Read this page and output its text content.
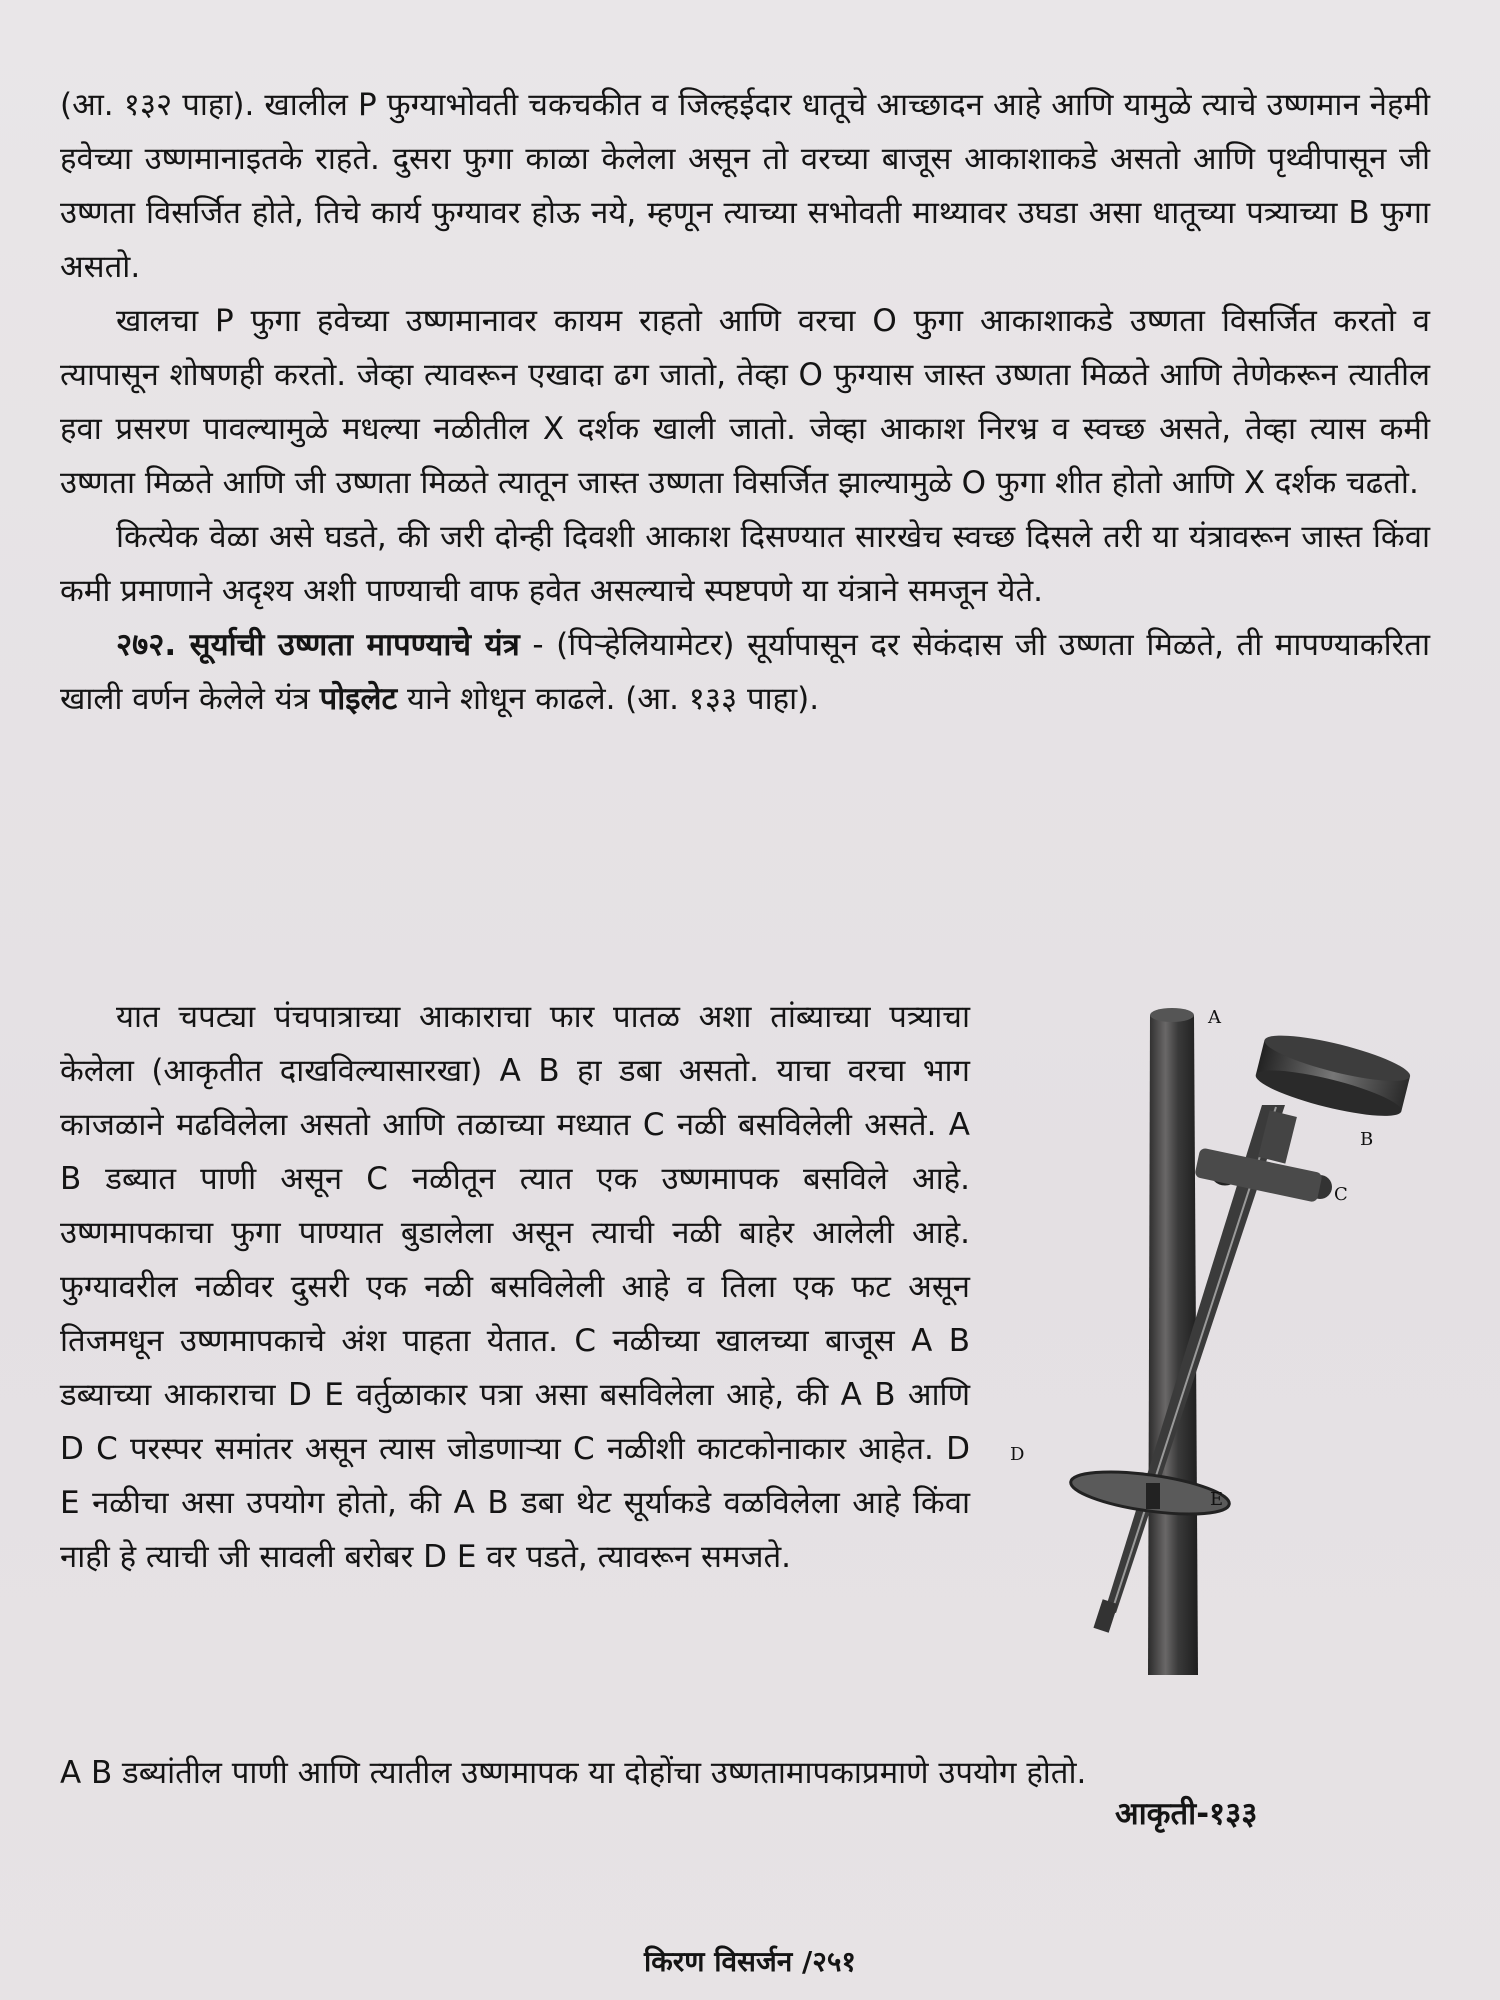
(आ. १३२ पाहा). खालील P फुग्याभोवती चकचकीत व जिल्हईदार धातूचे आच्छादन आहे आणि यामुळे त्याचे उष्णमान नेहमी हवेच्या उष्णमानाइतके राहते. दुसरा फुगा काळा केलेला असून तो वरच्या बाजूस आकाशाकडे असतो आणि पृथ्वीपासून जी उष्णता विसर्जित होते, तिचे कार्य फुग्यावर होऊ नये, म्हणून त्याच्या सभोवती माथ्यावर उघडा असा धातूच्या पत्र्याच्या B फुगा असतो.

खालचा P फुगा हवेच्या उष्णमानावर कायम राहतो आणि वरचा O फुगा आकाशाकडे उष्णता विसर्जित करतो व त्यापासून शोषणही करतो. जेव्हा त्यावरून एखादा ढग जातो, तेव्हा O फुग्यास जास्त उष्णता मिळते आणि तेणेकरून त्यातील हवा प्रसरण पावल्यामुळे मधल्या नळीतील X दर्शक खाली जातो. जेव्हा आकाश निरभ्र व स्वच्छ असते, तेव्हा त्यास कमी उष्णता मिळते आणि जी उष्णता मिळते त्यातून जास्त उष्णता विसर्जित झाल्यामुळे O फुगा शीत होतो आणि X दर्शक चढतो.

कित्येक वेळा असे घडते, की जरी दोन्ही दिवशी आकाश दिसण्यात सारखेच स्वच्छ दिसले तरी या यंत्रावरून जास्त किंवा कमी प्रमाणाने अदृश्य अशी पाण्याची वाफ हवेत असल्याचे स्पष्टपणे या यंत्राने समजून येते.

२७२. सूर्याची उष्णता मापण्याचे यंत्र - (पिऱ्हेलियामेटर) सूर्यापासून दर सेकंदास जी उष्णता मिळते, ती मापण्याकरिता खाली वर्णन केलेले यंत्र पोइलेट याने शोधून काढले. (आ. १३३ पाहा).

यात चपट्या पंचपात्राच्या आकाराचा फार पातळ अशा तांब्याच्या पत्र्याचा केलेला (आकृतीत दाखविल्यासारखा) A B हा डबा असतो. याचा वरचा भाग काजळाने मढविलेला असतो आणि तळाच्या मध्यात C नळी बसविलेली असते. A B डब्यात पाणी असून C नळीतून त्यात एक उष्णमापक बसविले आहे. उष्णमापकाचा फुगा पाण्यात बुडालेला असून त्याची नळी बाहेर आलेली आहे. फुग्यावरील नळीवर दुसरी एक नळी बसविलेली आहे व तिला एक फट असून तिजमधून उष्णमापकाचे अंश पाहता येतात. C नळीच्या खालच्या बाजूस A B डब्याच्या आकाराचा D E वर्तुळाकार पत्रा असा बसविलेला आहे, की A B आणि D C परस्पर समांतर असून त्यास जोडणाऱ्या C नळीशी काटकोनाकार आहेत. D E नळीचा असा उपयोग होतो, की A B डबा थेट सूर्याकडे वळविलेला आहे किंवा नाही हे त्याची जी सावली बरोबर D E वर पडते, त्यावरून समजते.

A B डब्यांतील पाणी आणि त्यातील उष्णमापक या दोहोंचा उष्णतामापकाप्रमाणे उपयोग होतो.

A
B
C
D
E
आकृती-१३३
किरण विसर्जन /२५१
